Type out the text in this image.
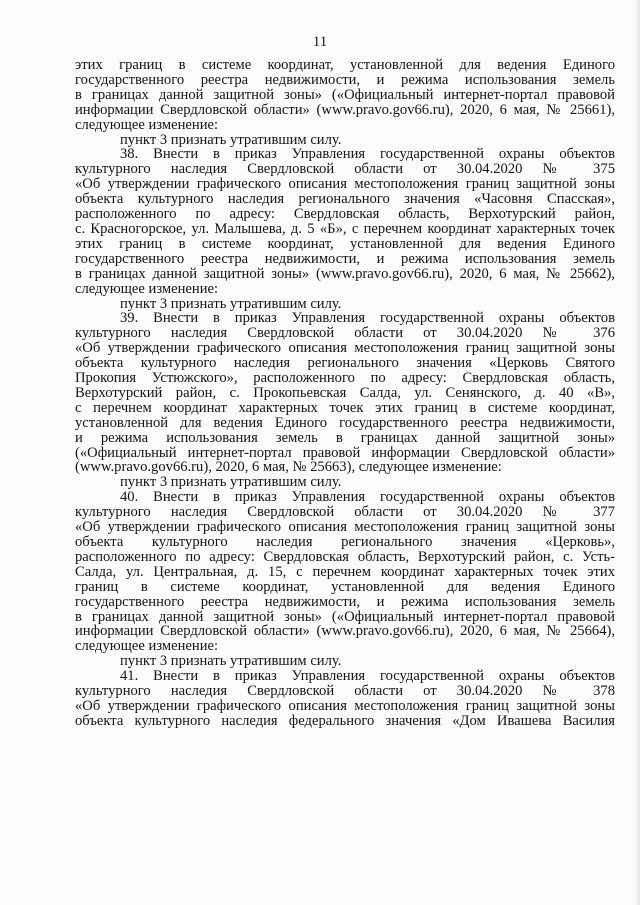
11
этих границ в системе координат, установленной для ведения Единого
государственного реестра недвижимости, и режима использования земель
в границах данной защитной зоны» («Официальный интернет-портал правовой
информации Свердловской области» (www.pravo.gov66.ru), 2020, 6 мая, № 25661),
следующее изменение:
пункт 3 признать утратившим силу.
38. Внести в приказ Управления государственной охраны объектов
культурного наследия Свердловской области от 30.04.2020 № 375
«Об утверждении графического описания местоположения границ защитной зоны
объекта культурного наследия регионального значения «Часовня Спасская»,
расположенного по адресу: Свердловская область, Верхотурский район,
с. Красногорское, ул. Малышева, д. 5 «Б», с перечнем координат характерных точек
этих границ в системе координат, установленной для ведения Единого
государственного реестра недвижимости, и режима использования земель
в границах данной защитной зоны» (www.pravo.gov66.ru), 2020, 6 мая, № 25662),
следующее изменение:
пункт 3 признать утратившим силу.
39. Внести в приказ Управления государственной охраны объектов
культурного наследия Свердловской области от 30.04.2020 № 376
«Об утверждении графического описания местоположения границ защитной зоны
объекта культурного наследия регионального значения «Церковь Святого
Прокопия Устюжского», расположенного по адресу: Свердловская область,
Верхотурский район, с. Прокопьевская Салда, ул. Сенянского, д. 40 «В»,
с перечнем координат характерных точек этих границ в системе координат,
установленной для ведения Единого государственного реестра недвижимости,
и режима использования земель в границах данной защитной зоны»
(«Официальный интернет-портал правовой информации Свердловской области»
(www.pravo.gov66.ru), 2020, 6 мая, № 25663), следующее изменение:
пункт 3 признать утратившим силу.
40. Внести в приказ Управления государственной охраны объектов
культурного наследия Свердловской области от 30.04.2020 № 377
«Об утверждении графического описания местоположения границ защитной зоны
объекта культурного наследия регионального значения «Церковь»,
расположенного по адресу: Свердловская область, Верхотурский район, с. Усть-
Салда, ул. Центральная, д. 15, с перечнем координат характерных точек этих
границ в системе координат, установленной для ведения Единого
государственного реестра недвижимости, и режима использования земель
в границах данной защитной зоны» («Официальный интернет-портал правовой
информации Свердловской области» (www.pravo.gov66.ru), 2020, 6 мая, № 25664),
следующее изменение:
пункт 3 признать утратившим силу.
41. Внести в приказ Управления государственной охраны объектов
культурного наследия Свердловской области от 30.04.2020 № 378
«Об утверждении графического описания местоположения границ защитной зоны
объекта культурного наследия федерального значения «Дом Ивашева Василия
